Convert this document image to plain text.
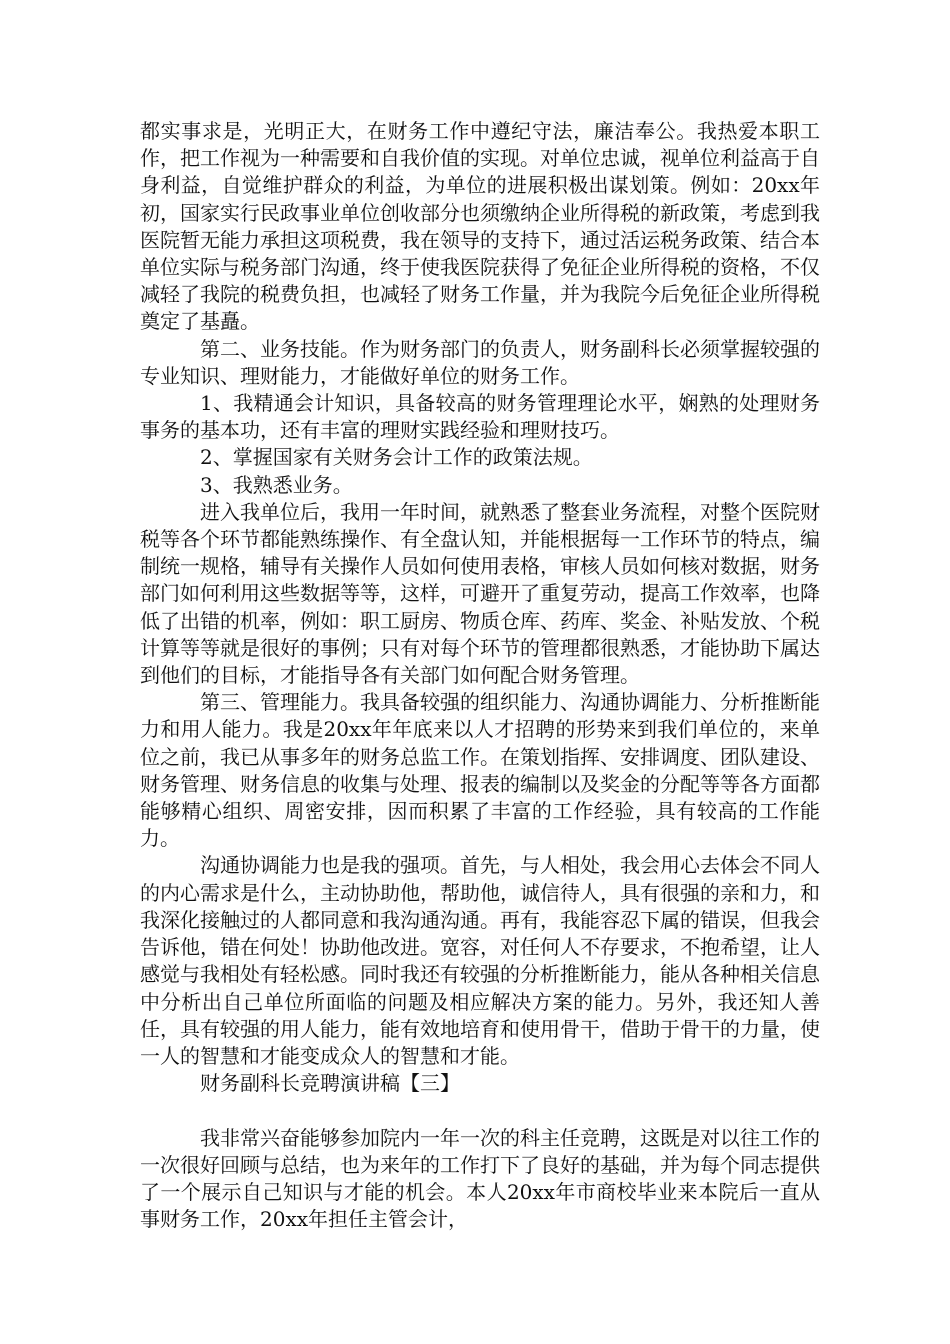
都实事求是，光明正大，在财务工作中遵纪守法，廉洁奉公。我热爱本职工作，把工作视为一种需要和自我价值的实现。对单位忠诚，视单位利益高于自身利益，自觉维护群众的利益，为单位的进展积极出谋划策。例如：20xx年初，国家实行民政事业单位创收部分也须缴纳企业所得税的新政策，考虑到我医院暂无能力承担这项税费，我在领导的支持下，通过活运税务政策、结合本单位实际与税务部门沟通，终于使我医院获得了免征企业所得税的资格，不仅减轻了我院的税费负担，也减轻了财务工作量，并为我院今后免征企业所得税奠定了基矗。

第二、业务技能。作为财务部门的负责人，财务副科长必须掌握较强的专业知识、理财能力，才能做好单位的财务工作。

1、我精通会计知识，具备较高的财务管理理论水平，娴熟的处理财务事务的基本功，还有丰富的理财实践经验和理财技巧。

2、掌握国家有关财务会计工作的政策法规。

3、我熟悉业务。

进入我单位后，我用一年时间，就熟悉了整套业务流程，对整个医院财税等各个环节都能熟练操作、有全盘认知，并能根据每一工作环节的特点，编制统一规格，辅导有关操作人员如何使用表格，审核人员如何核对数据，财务部门如何利用这些数据等等，这样，可避开了重复劳动，提高工作效率，也降低了出错的机率，例如：职工厨房、物质仓库、药库、奖金、补贴发放、个税计算等等就是很好的事例；只有对每个环节的管理都很熟悉，才能协助下属达到他们的目标，才能指导各有关部门如何配合财务管理。

第三、管理能力。我具备较强的组织能力、沟通协调能力、分析推断能力和用人能力。我是20xx年年底来以人才招聘的形势来到我们单位的，来单位之前，我已从事多年的财务总监工作。在策划指挥、安排调度、团队建设、财务管理、财务信息的收集与处理、报表的编制以及奖金的分配等等各方面都能够精心组织、周密安排，因而积累了丰富的工作经验，具有较高的工作能力。

沟通协调能力也是我的强项。首先，与人相处，我会用心去体会不同人的内心需求是什么，主动协助他，帮助他，诚信待人，具有很强的亲和力，和我深化接触过的人都同意和我沟通沟通。再有，我能容忍下属的错误，但我会告诉他，错在何处！协助他改进。宽容，对任何人不存要求，不抱希望，让人感觉与我相处有轻松感。同时我还有较强的分析推断能力，能从各种相关信息中分析出自己单位所面临的问题及相应解决方案的能力。另外，我还知人善任，具有较强的用人能力，能有效地培育和使用骨干，借助于骨干的力量，使一人的智慧和才能变成众人的智慧和才能。

财务副科长竞聘演讲稿【三】

我非常兴奋能够参加院内一年一次的科主任竞聘，这既是对以往工作的一次很好回顾与总结，也为来年的工作打下了良好的基础，并为每个同志提供了一个展示自己知识与才能的机会。本人20xx年市商校毕业来本院后一直从事财务工作，20xx年担任主管会计，
